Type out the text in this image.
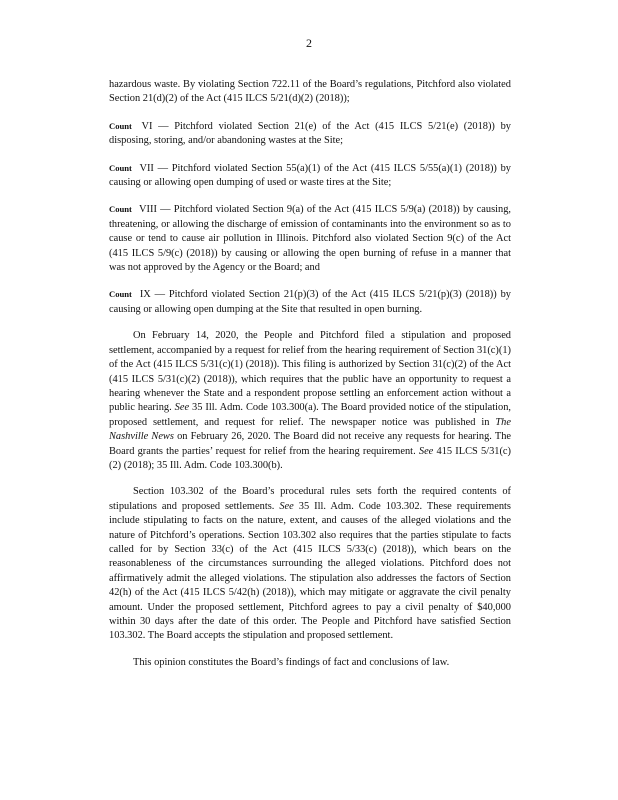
2

hazardous waste. By violating Section 722.11 of the Board’s regulations, Pitchford also violated Section 21(d)(2) of the Act (415 ILCS 5/21(d)(2) (2018));

Count VI — Pitchford violated Section 21(e) of the Act (415 ILCS 5/21(e) (2018)) by disposing, storing, and/or abandoning wastes at the Site;

Count VII — Pitchford violated Section 55(a)(1) of the Act (415 ILCS 5/55(a)(1) (2018)) by causing or allowing open dumping of used or waste tires at the Site;

Count VIII — Pitchford violated Section 9(a) of the Act (415 ILCS 5/9(a) (2018)) by causing, threatening, or allowing the discharge of emission of contaminants into the environment so as to cause or tend to cause air pollution in Illinois. Pitchford also violated Section 9(c) of the Act (415 ILCS 5/9(c) (2018)) by causing or allowing the open burning of refuse in a manner that was not approved by the Agency or the Board; and

Count IX — Pitchford violated Section 21(p)(3) of the Act (415 ILCS 5/21(p)(3) (2018)) by causing or allowing open dumping at the Site that resulted in open burning.

On February 14, 2020, the People and Pitchford filed a stipulation and proposed settlement, accompanied by a request for relief from the hearing requirement of Section 31(c)(1) of the Act (415 ILCS 5/31(c)(1) (2018)). This filing is authorized by Section 31(c)(2) of the Act (415 ILCS 5/31(c)(2) (2018)), which requires that the public have an opportunity to request a hearing whenever the State and a respondent propose settling an enforcement action without a public hearing. See 35 Ill. Adm. Code 103.300(a). The Board provided notice of the stipulation, proposed settlement, and request for relief. The newspaper notice was published in The Nashville News on February 26, 2020. The Board did not receive any requests for hearing. The Board grants the parties’ request for relief from the hearing requirement. See 415 ILCS 5/31(c)(2) (2018); 35 Ill. Adm. Code 103.300(b).

Section 103.302 of the Board’s procedural rules sets forth the required contents of stipulations and proposed settlements. See 35 Ill. Adm. Code 103.302. These requirements include stipulating to facts on the nature, extent, and causes of the alleged violations and the nature of Pitchford’s operations. Section 103.302 also requires that the parties stipulate to facts called for by Section 33(c) of the Act (415 ILCS 5/33(c) (2018)), which bears on the reasonableness of the circumstances surrounding the alleged violations. Pitchford does not affirmatively admit the alleged violations. The stipulation also addresses the factors of Section 42(h) of the Act (415 ILCS 5/42(h) (2018)), which may mitigate or aggravate the civil penalty amount. Under the proposed settlement, Pitchford agrees to pay a civil penalty of $40,000 within 30 days after the date of this order. The People and Pitchford have satisfied Section 103.302. The Board accepts the stipulation and proposed settlement.

This opinion constitutes the Board’s findings of fact and conclusions of law.
